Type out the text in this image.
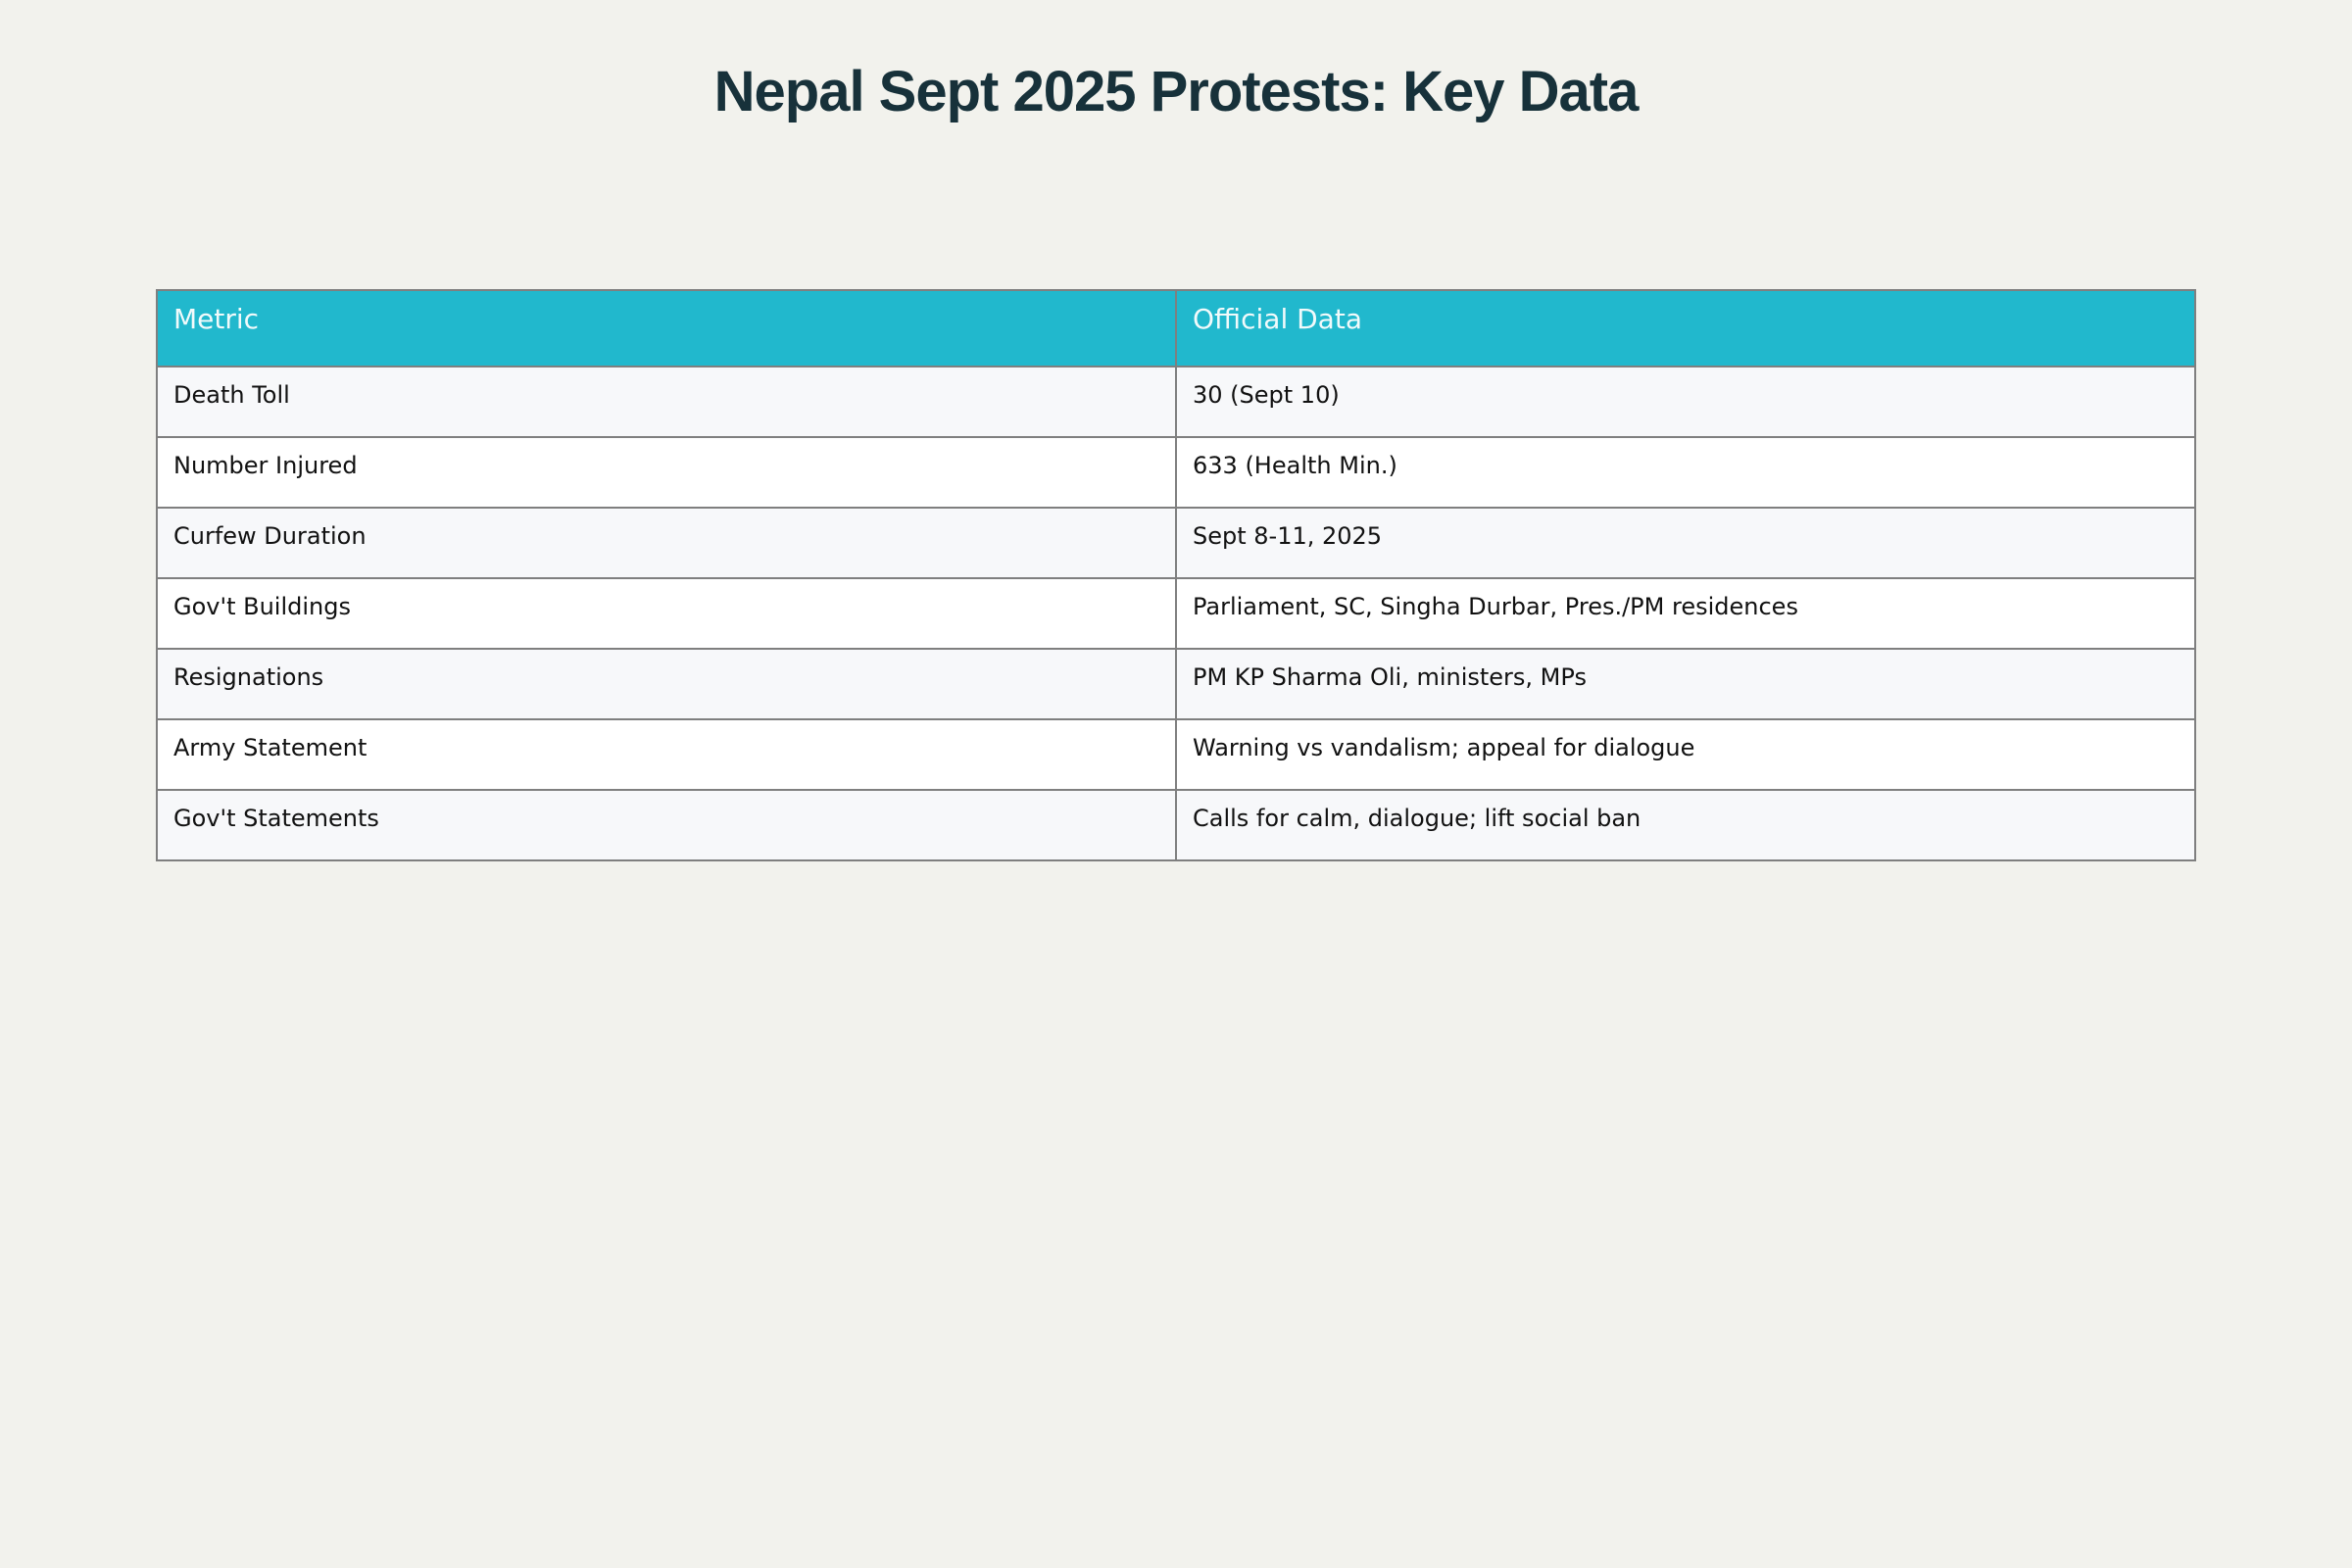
Nepal Sept 2025 Protests: Key Data
Metric	Official Data
Death Toll	30 (Sept 10)
Number Injured	633 (Health Min.)
Curfew Duration	Sept 8-11, 2025
Gov't Buildings	Parliament, SC, Singha Durbar, Pres./PM residences
Resignations	PM KP Sharma Oli, ministers, MPs
Army Statement	Warning vs vandalism; appeal for dialogue
Gov't Statements	Calls for calm, dialogue; lift social ban
